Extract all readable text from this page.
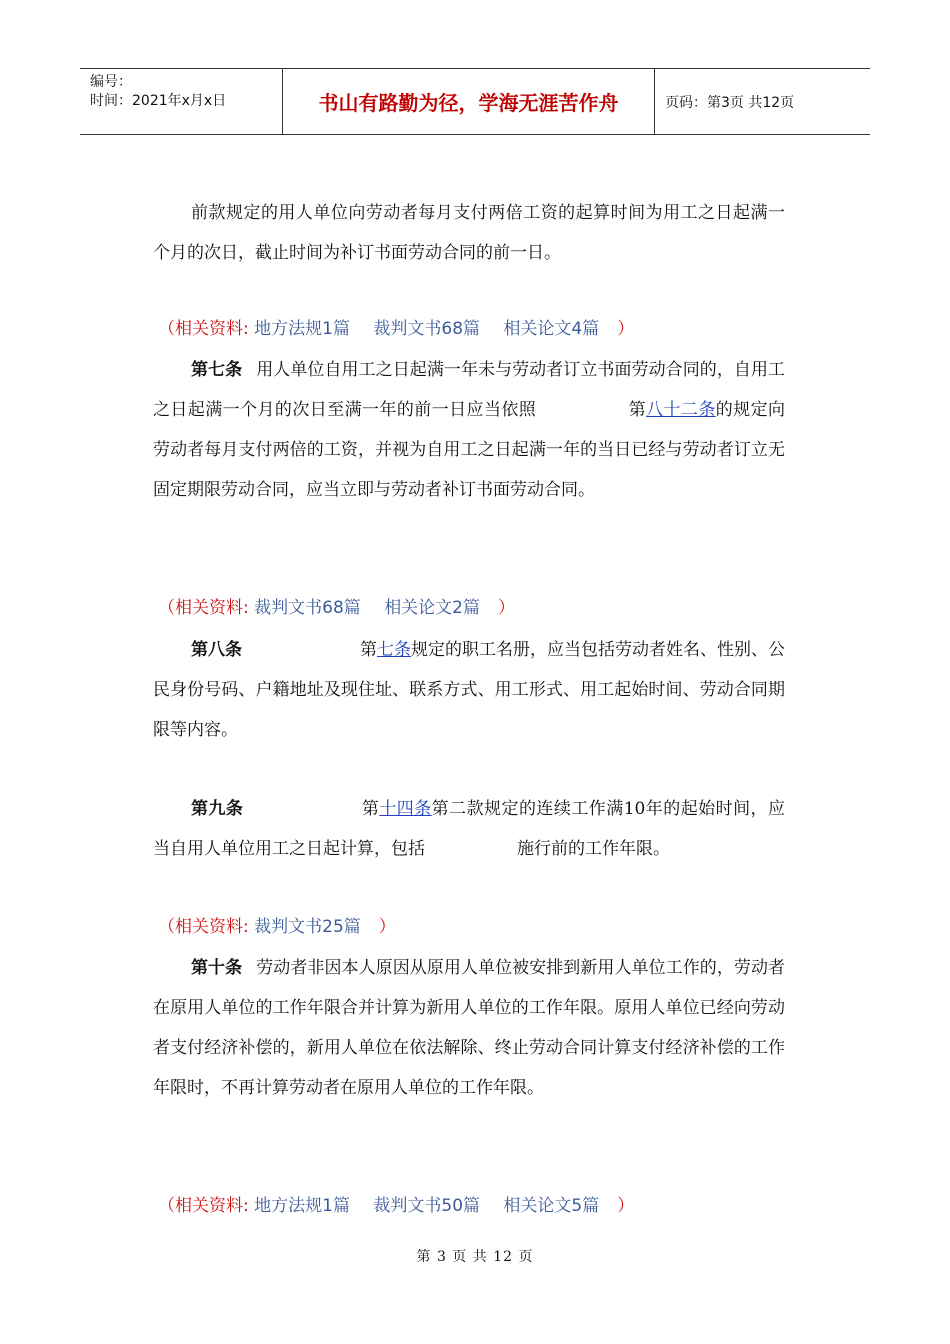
编号：
时间：2021年x月x日	书山有路勤为径，学海无涯苦作舟	页码：第3页 共12页
前款规定的用人单位向劳动者每月支付两倍工资的起算时间为用工之日起满一个月的次日，截止时间为补订书面劳动合同的前一日。
（相关资料: 地方法规1篇 裁判文书68篇 相关论文4篇 ）
第七条 用人单位自用工之日起满一年未与劳动者订立书面劳动合同的，自用工之日起满一个月的次日至满一年的前一日应当依照	第八十二条的规定向劳动者每月支付两倍的工资，并视为自用工之日起满一年的当日已经与劳动者订立无固定期限劳动合同，应当立即与劳动者补订书面劳动合同。
（相关资料: 裁判文书68篇 相关论文2篇 ）
第八条	第七条规定的职工名册，应当包括劳动者姓名、性别、公民身份号码、户籍地址及现住址、联系方式、用工形式、用工起始时间、劳动合同期限等内容。
第九条	第十四条第二款规定的连续工作满10年的起始时间，应当自用人单位用工之日起计算，包括	施行前的工作年限。
（相关资料: 裁判文书25篇 ）
第十条 劳动者非因本人原因从原用人单位被安排到新用人单位工作的，劳动者在原用人单位的工作年限合并计算为新用人单位的工作年限。原用人单位已经向劳动者支付经济补偿的，新用人单位在依法解除、终止劳动合同计算支付经济补偿的工作年限时，不再计算劳动者在原用人单位的工作年限。
（相关资料: 地方法规1篇 裁判文书50篇 相关论文5篇 ）
第 3 页 共 12 页
